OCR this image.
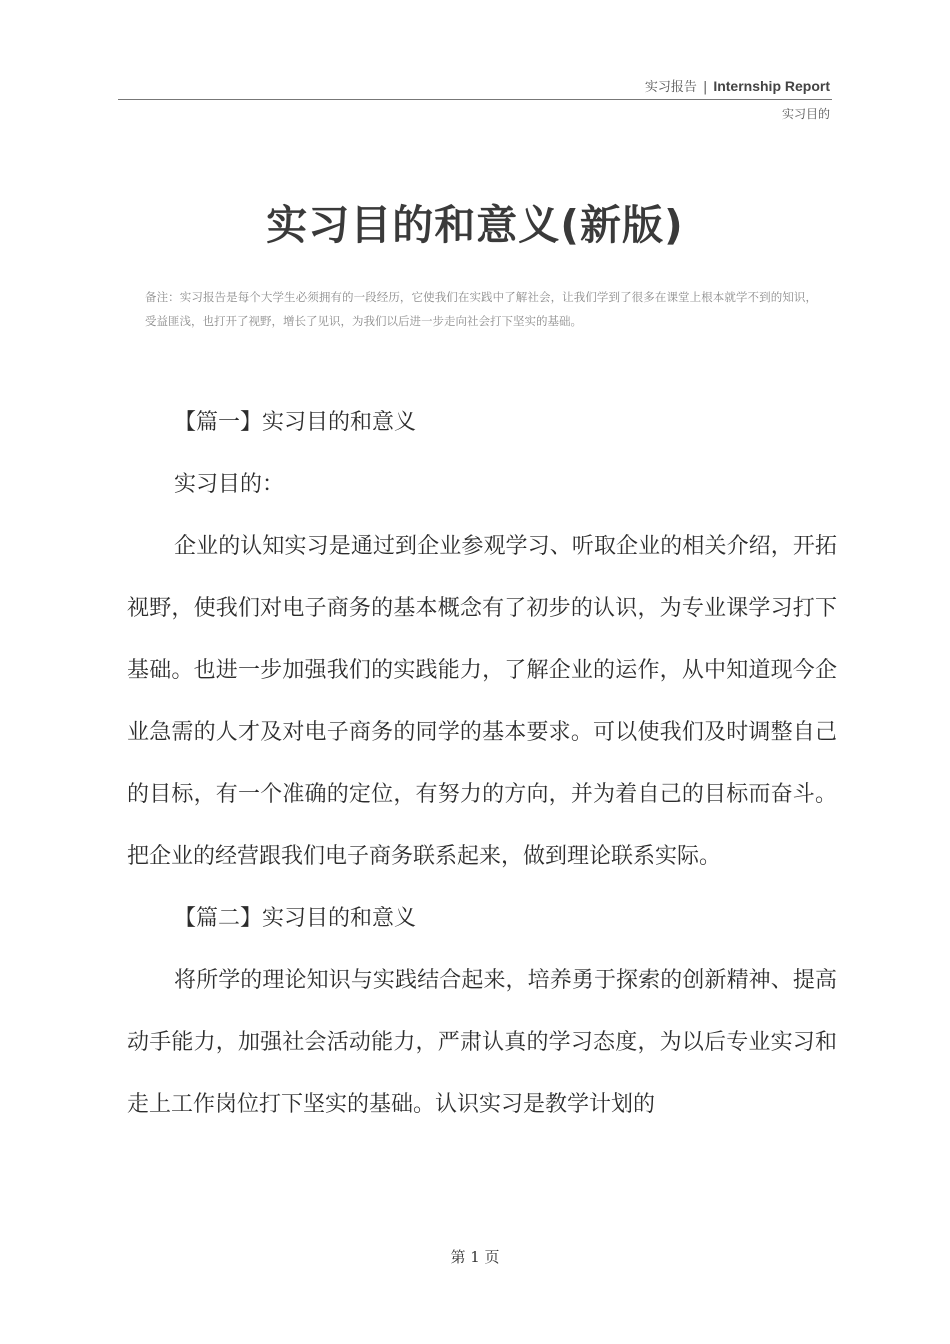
实习报告 | Internship Report
实习目的
实习目的和意义(新版)
备注：实习报告是每个大学生必须拥有的一段经历，它使我们在实践中了解社会，让我们学到了很多在课堂上根本就学不到的知识，受益匪浅，也打开了视野，增长了见识，为我们以后进一步走向社会打下坚实的基础。

【篇一】实习目的和意义

实习目的：

企业的认知实习是通过到企业参观学习、听取企业的相关介绍，开拓视野，使我们对电子商务的基本概念有了初步的认识，为专业课学习打下基础。也进一步加强我们的实践能力，了解企业的运作，从中知道现今企业急需的人才及对电子商务的同学的基本要求。可以使我们及时调整自己的目标，有一个准确的定位，有努力的方向，并为着自己的目标而奋斗。把企业的经营跟我们电子商务联系起来，做到理论联系实际。

【篇二】实习目的和意义

将所学的理论知识与实践结合起来，培养勇于探索的创新精神、提高动手能力，加强社会活动能力，严肃认真的学习态度，为以后专业实习和走上工作岗位打下坚实的基础。认识实习是教学计划的

第 1 页
